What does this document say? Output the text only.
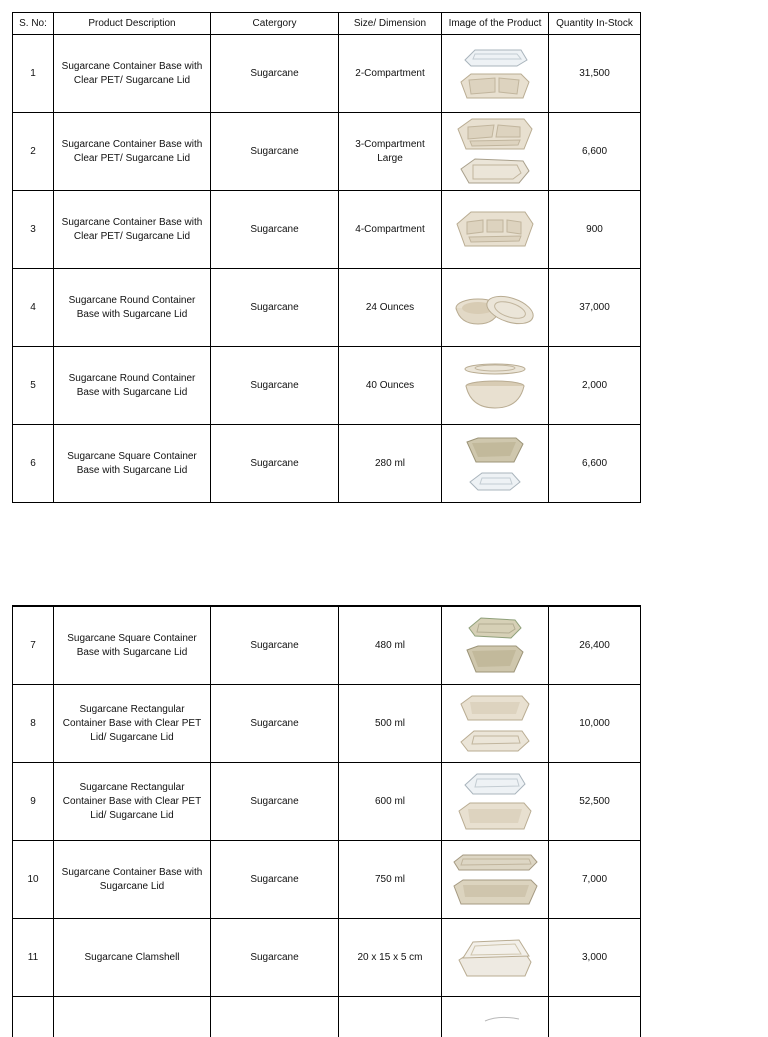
S. No:	Product Description	Catergory	Size/ Dimension	Image of the Product	Quantity In-Stock
1	Sugarcane Container Base with Clear PET/ Sugarcane Lid	Sugarcane	2-Compartment		31,500
2	Sugarcane Container Base with Clear PET/ Sugarcane Lid	Sugarcane	3-Compartment Large		6,600
3	Sugarcane Container Base with Clear PET/ Sugarcane Lid	Sugarcane	4-Compartment		900
4	Sugarcane Round Container Base with Sugarcane Lid	Sugarcane	24 Ounces		37,000
5	Sugarcane Round Container Base with Sugarcane Lid	Sugarcane	40 Ounces		2,000
6	Sugarcane Square Container Base with Sugarcane Lid	Sugarcane	280 ml		6,600
7	Sugarcane Square Container Base with Sugarcane Lid	Sugarcane	480 ml		26,400
8	Sugarcane Rectangular Container Base with Clear PET Lid/ Sugarcane Lid	Sugarcane	500 ml		10,000
9	Sugarcane Rectangular Container Base with Clear PET Lid/ Sugarcane Lid	Sugarcane	600 ml		52,500
10	Sugarcane Container Base with Sugarcane Lid	Sugarcane	750 ml		7,000
11	Sugarcane Clamshell	Sugarcane	20 x 15 x 5 cm		3,000
